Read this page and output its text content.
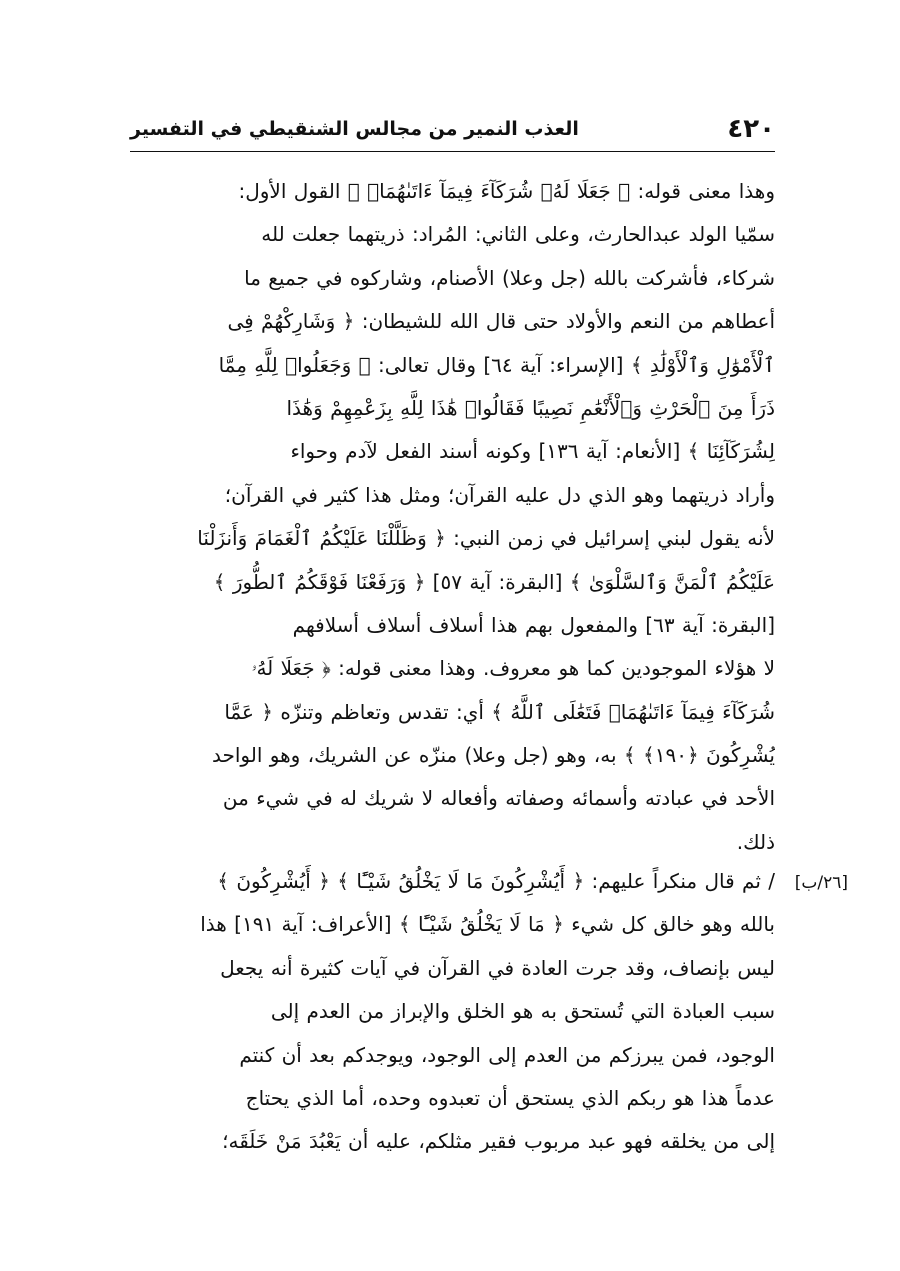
٤٢٠
العذب النمير من مجالس الشنقيطي في التفسير
وهذا معنى قوله: ﴿ جَعَلَا لَهُۥ شُرَكَآءَ فِيمَآ ءَاتَىٰهُمَاۚ ﴾ القول الأول:
سمّيا الولد عبدالحارث، وعلى الثاني: المُراد: ذريتهما جعلت لله
شركاء، فأشركت بالله (جل وعلا) الأصنام، وشاركوه في جميع ما
أعطاهم من النعم والأولاد حتى قال الله للشيطان: ﴿ وَشَارِكْهُمْ فِى
ٱلْأَمْوَٰلِ وَٱلْأَوْلَٰدِ ﴾ [الإسراء: آية ٦٤] وقال تعالى: ﴿ وَجَعَلُوا۟ لِلَّهِ مِمَّا
ذَرَأَ مِنَ ٱلْحَرْثِ وَٱلْأَنْعَٰمِ نَصِيبًا فَقَالُوا۟ هَٰذَا لِلَّهِ بِزَعْمِهِمْ وَهَٰذَا
لِشُرَكَآئِنَا ﴾ [الأنعام: آية ١٣٦] وكونه أسند الفعل لآدم وحواء
وأراد ذريتهما وهو الذي دل عليه القرآن؛ ومثل هذا كثير في القرآن؛
لأنه يقول لبني إسرائيل في زمن النبي: ﴿ وَظَلَّلْنَا عَلَيْكُمُ ٱلْغَمَامَ وَأَنزَلْنَا
عَلَيْكُمُ ٱلْمَنَّ وَٱلسَّلْوَىٰ ﴾ [البقرة: آية ٥٧] ﴿ وَرَفَعْنَا فَوْقَكُمُ ٱلطُّورَ ﴾
[البقرة: آية ٦٣] والمفعول بهم هذا أسلاف أسلاف أسلافهم
لا هؤلاء الموجودين كما هو معروف. وهذا معنى قوله: ﴿ جَعَلَا لَهُۥ
شُرَكَآءَ فِيمَآ ءَاتَىٰهُمَاۚ فَتَعَٰلَى ٱللَّهُ ﴾ أي: تقدس وتعاظم وتنزّه ﴿ عَمَّا
يُشْرِكُونَ ﴿١٩٠﴾ ﴾ به، وهو (جل وعلا) منزّه عن الشريك، وهو الواحد
الأحد في عبادته وأسمائه وصفاته وأفعاله لا شريك له في شيء من
ذلك.
[٢٦/ب]
/ ثم قال منكراً عليهم: ﴿ أَيُشْرِكُونَ مَا لَا يَخْلُقُ شَيْـًٔا ﴾ ﴿ أَيُشْرِكُونَ ﴾
بالله وهو خالق كل شيء ﴿ مَا لَا يَخْلُقُ شَيْـًٔا ﴾ [الأعراف: آية ١٩١] هذا
ليس بإنصاف، وقد جرت العادة في القرآن في آيات كثيرة أنه يجعل
سبب العبادة التي تُستحق به هو الخلق والإبراز من العدم إلى
الوجود، فمن يبرزكم من العدم إلى الوجود، ويوجدكم بعد أن كنتم
عدماً هذا هو ربكم الذي يستحق أن تعبدوه وحده، أما الذي يحتاج
إلى من يخلقه فهو عبد مربوب فقير مثلكم، عليه أن يَعْبُدَ مَنْ خَلَقَه؛
